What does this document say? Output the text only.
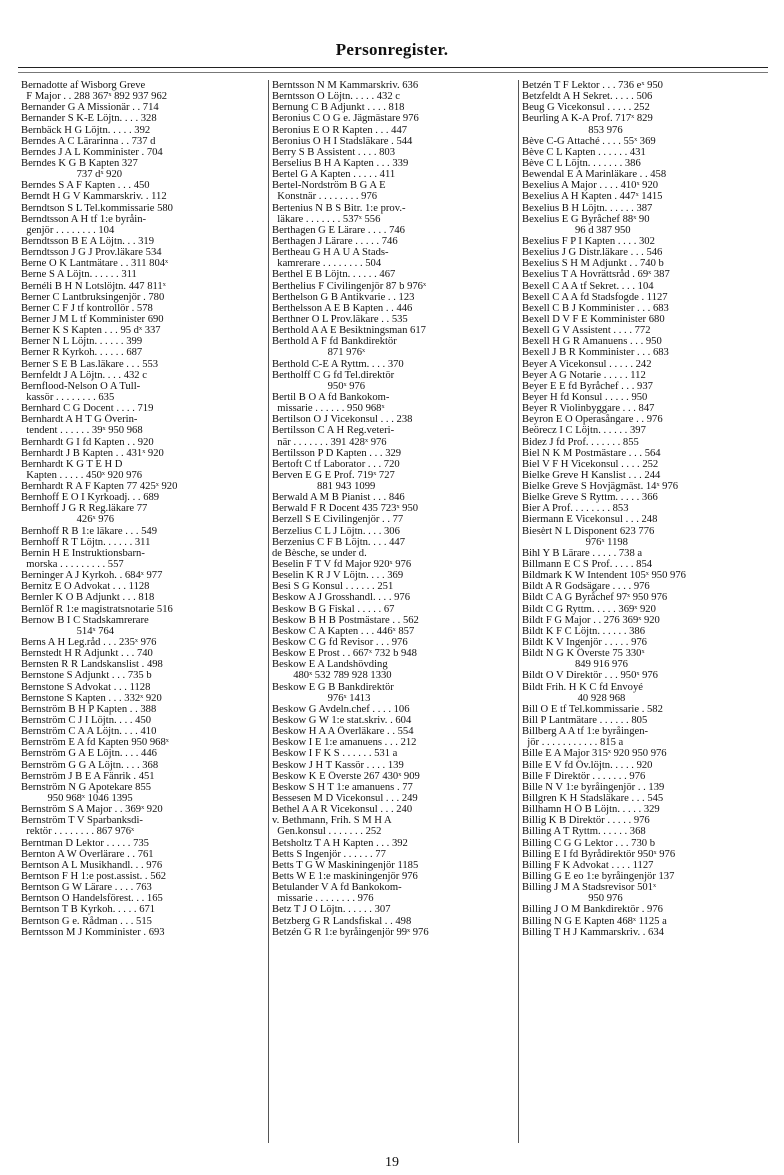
Personregister.
Bernadotte af Wisborg Greve
F Major . . 288 367ˣ 892 937 962
Bernander G A Missionär . . 714
Bernander S K-E Löjtn. . . . 328
Bernbäck H G Löjtn. . . . . 392
Berndes A C Lärarinna . . 737 d
Berndes J A L Komminister . 704
Berndes K G B Kapten 327
737 dˣ 920
Berndes S A F Kapten . . . 450
Berndt H G V Kammarskriv. . 112
Berndtson S L Tel.kommissarie 580
Berndtsson A H tf 1:e byråin-
genjör . . . . . . . . 104
Berndtsson B E A Löjtn. . . 319
Berndtsson J G J Prov.läkare 534
Berne O K Lantmätare . . 311 804ˣ
Berne S A Löjtn. . . . . . 311
Bernéli B H N Lotslöjtn. 447 811ˣ
Berner C Lantbruksingenjör . 780
Berner C F J tf kontrollör . 578
Berner J M L tf Komminister 690
Berner K S Kapten . . . 95 dˣ 337
Berner N L Löjtn. . . . . . 399
Berner R Kyrkoh. . . . . . 687
Berner S E B Las.läkare . . . 553
Bernfeldt J A Löjtn. . . . 432 c
Bernflood-Nelson O A Tull-
kassör . . . . . . . . 635
Bernhard C G Docent . . . . 719
Bernhardt A H T G Överin-
tendent . . . . . . 39ˣ 950 968
Bernhardt G I fd Kapten . . 920
Bernhardt J B Kapten . . 431ˣ 920
Bernhardt K G T E H D
Kapten . . . . . 450ˣ 920 976
Bernhardt R A F Kapten 77 425ˣ 920
Bernhoff E O I Kyrkoadj. . . 689
Bernhoff J G R Reg.läkare 77
426ˣ 976
Bernhoff R B 1:e läkare . . . 549
Bernhoff R T Löjtn. . . . . . 311
Bernin H E Instruktionsbarn-
morska . . . . . . . . . 557
Berninger A J Kyrkoh. . 684ˣ 977
Bernitz E O Advokat . . . 1128
Bernler K O B Adjunkt . . . 818
Bernlöf R 1:e magistratsnotarie 516
Bernow B I C Stadskamrerare
514ˣ 764
Berns A H Leg.råd . . . 235ˣ 976
Bernstedt H R Adjunkt . . . 740
Bernsten R R Landskanslist . 498
Bernstone S Adjunkt . . . 735 b
Bernstone S Advokat . . . 1128
Bernstone S Kapten . . . 332ˣ 920
Bernström B H P Kapten . . 388
Bernström C J I Löjtn. . . . 450
Bernström C A A Löjtn. . . . 410
Bernström E A fd Kapten 950 968ˣ
Bernström G A E Löjtn. . . . 446
Bernström G G A Löjtn. . . . 368
Bernström J B E A Fänrik . 451
Bernström N G Apotekare 855
950 968ˣ 1046 1395
Bernström S A Major . . 369ˣ 920
Bernström T V Sparbanksdi-
rektör . . . . . . . . 867 976ˣ
Berntman D Lektor . . . . . 735
Bernton A W Överlärare . . 761
Berntson A L Musikhandl. . . 976
Berntson F H 1:e post.assist. . 562
Berntson G W Lärare . . . . 763
Berntson O Handelsförest. . . 165
Berntson T B Kyrkoh. . . . . 671
Berntson G e. Rådman . . . 515
Berntsson M J Komminister . 693
Berntsson N M Kammarskriv. 636
Berntsson O Löjtn. . . . . 432 c
Bernung C B Adjunkt . . . . 818
Beronius C O G e. Jägmästare 976
Beronius E O R Kapten . . . 447
Beronius O H I Stadsläkare . 544
Berry S B Assistent . . . . 803
Berselius B H A Kapten . . . 339
Bertel G A Kapten . . . . . 411
Bertel-Nordström B G A E
Konstnär . . . . . . . . 976
Bertenius N B S Bitr. 1:e prov.-
läkare . . . . . . . 537ˣ 556
Berthagen G E Lärare . . . . 746
Berthagen J Lärare . . . . . 746
Bertheau G H A U A Stads-
kamrerare . . . . . . . . 504
Berthel E B Löjtn. . . . . . 467
Berthelius F Civilingenjör 87 b 976ˣ
Berthelson G B Antikvarie . . 123
Berthelsson A E B Kapten . . 446
Berthner O L Prov.läkare . . 535
Berthold A A E Besiktningsman 617
Berthold A F fd Bankdirektör
871 976ˣ
Berthold C-E A Ryttm. . . . 370
Bertholff C G fd Tel.direktör
950ˣ 976
Bertil B O A fd Bankokom-
missarie . . . . . . 950 968ˣ
Bertilson O J Vicekonsul . . . 238
Bertilsson C A H Reg.veteri-
när . . . . . . . 391 428ˣ 976
Bertilsson P D Kapten . . . 329
Bertoft C tf Laborator . . . 720
Berven E G E Prof. 719ˣ 727
881 943 1099
Berwald A M B Pianist . . . 846
Berwald F R Docent 435 723ˣ 950
Berzell S E Civilingenjör . . 77
Berzelius C L J Löjtn. . . . 306
Berzenius C F B Löjtn. . . . 447
de Bèsche, se under d.
Beselin F T V fd Major 920ˣ 976
Beselin K R J V Löjtn. . . . 369
Besi S G Konsul . . . . . . 251
Beskow A J Grosshandl. . . . 976
Beskow B G Fiskal . . . . . 67
Beskow B H B Postmästare . . 562
Beskow C A Kapten . . . 446ˣ 857
Beskow C G fd Revisor . . . 976
Beskow E Prost . . 667ˣ 732 b 948
Beskow E A Landshövding
480ˣ 532 789 928 1330
Beskow E G B Bankdirektör
976ˣ 1413
Beskow G Avdeln.chef . . . . 106
Beskow G W 1:e stat.skriv. . 604
Beskow H A A Överläkare . . 554
Beskow I E 1:e amanuens . . . 212
Beskow I F K S . . . . . . 531 a
Beskow J H T Kassör . . . . 139
Beskow K E Överste 267 430ˣ 909
Beskow S H T 1:e amanuens . 77
Bessesen M D Vicekonsul . . . 249
Bethel A A R Vicekonsul . . . 240
v. Bethmann, Frih. S M H A
Gen.konsul . . . . . . . 252
Betsholtz T A H Kapten . . . 392
Betts S Ingenjör . . . . . . 77
Betts T G W Maskiningenjör 1185
Betts W E 1:e maskiningenjör 976
Betulander V A fd Bankokom-
missarie . . . . . . . . 976
Betz T J O Löjtn. . . . . . 307
Betzberg G R Landsfiskal . . 498
Betzén G R 1:e byråingenjör 99ˣ 976
Betzén T F Lektor . . . 736 eˣ 950
Betzfeldt A H Sekret. . . . . 506
Beug G Vicekonsul . . . . . 252
Beurling A K-A Prof. 717ˣ 829
853 976
Bève C-G Attaché . . . . 55ˣ 369
Bève C L Kapten . . . . . . 431
Bève C L Löjtn. . . . . . . 386
Bewendal E A Marinläkare . . 458
Bexelius A Major . . . . 410ˣ 920
Bexelius A H Kapten . 447ˣ 1415
Bexelius B H Löjtn. . . . . . 387
Bexelius E G Byråchef 88ˣ 90
96 d 387 950
Bexelius F P I Kapten . . . . 302
Bexelius J G Distr.läkare . . . 546
Bexelius S H M Adjunkt . . 740 b
Bexelius T A Hovrättsråd . 69ˣ 387
Bexell C A A tf Sekret. . . . 104
Bexell C A A fd Stadsfogde . 1127
Bexell C B J Komminister . . . 683
Bexell D V F E Komminister 680
Bexell G V Assistent . . . . 772
Bexell H G R Amanuens . . . 950
Bexell J B R Komminister . . . 683
Beyer A Vicekonsul . . . . . 242
Beyer A G Notarie . . . . . 112
Beyer E E fd Byråchef . . . 937
Beyer H fd Konsul . . . . . 950
Beyer R Violinbyggare . . . 847
Beyron E O Operasångare . . 976
Beörecz I C Löjtn. . . . . . 397
Bidez J fd Prof. . . . . . . 855
Biel N K M Postmästare . . . 564
Biel V F H Vicekonsul . . . . 252
Bielke Greve H Kanslist . . . 244
Bielke Greve S Hovjägmäst. 14ˣ 976
Bielke Greve S Ryttm. . . . . 366
Bier A Prof. . . . . . . . 853
Biermann E Vicekonsul . . . 248
Biesèrt N L Disponent 623 776
976ˣ 1198
Bihl Y B Lärare . . . . . 738 a
Billmann E C S Prof. . . . . 854
Bildmark K W Intendent 105ˣ 950 976
Bildt A R Godsägare . . . . 976
Bildt C A G Byråchef 97ˣ 950 976
Bildt C G Ryttm. . . . . 369ˣ 920
Bildt F G Major . . 276 369ˣ 920
Bildt K F C Löjtn. . . . . . 386
Bildt K V Ingenjör . . . . . 976
Bildt N G K Överste 75 330ˣ
849 916 976
Bildt O V Direktör . . . 950ˣ 976
Bildt Frih. H K C fd Envoyé
40 928 968
Bill O E tf Tel.kommissarie . 582
Bill P Lantmätare . . . . . . 805
Billberg A A tf 1:e byråingen-
jör . . . . . . . . . . . 815 a
Bille E A Major 315ˣ 920 950 976
Bille E V fd Öv.löjtn. . . . . 920
Bille F Direktör . . . . . . . 976
Bille N V 1:e byråingenjör . . 139
Billgren K H Stadsläkare . . . 545
Billhamn H Ö B Löjtn. . . . . 329
Billig K B Direktör . . . . . 976
Billing A T Ryttm. . . . . . 368
Billing C G G Lektor . . . 730 b
Billing E I fd Byrådirektör 950ˣ 976
Billing F K Advokat . . . . 1127
Billing G E eo 1:e byråingenjör 137
Billing J M A Stadsrevisor 501ˣ
950 976
Billing J O M Bankdirektör . 976
Billing N G E Kapten 468ˣ 1125 a
Billing T H J Kammarskriv. . 634
19
